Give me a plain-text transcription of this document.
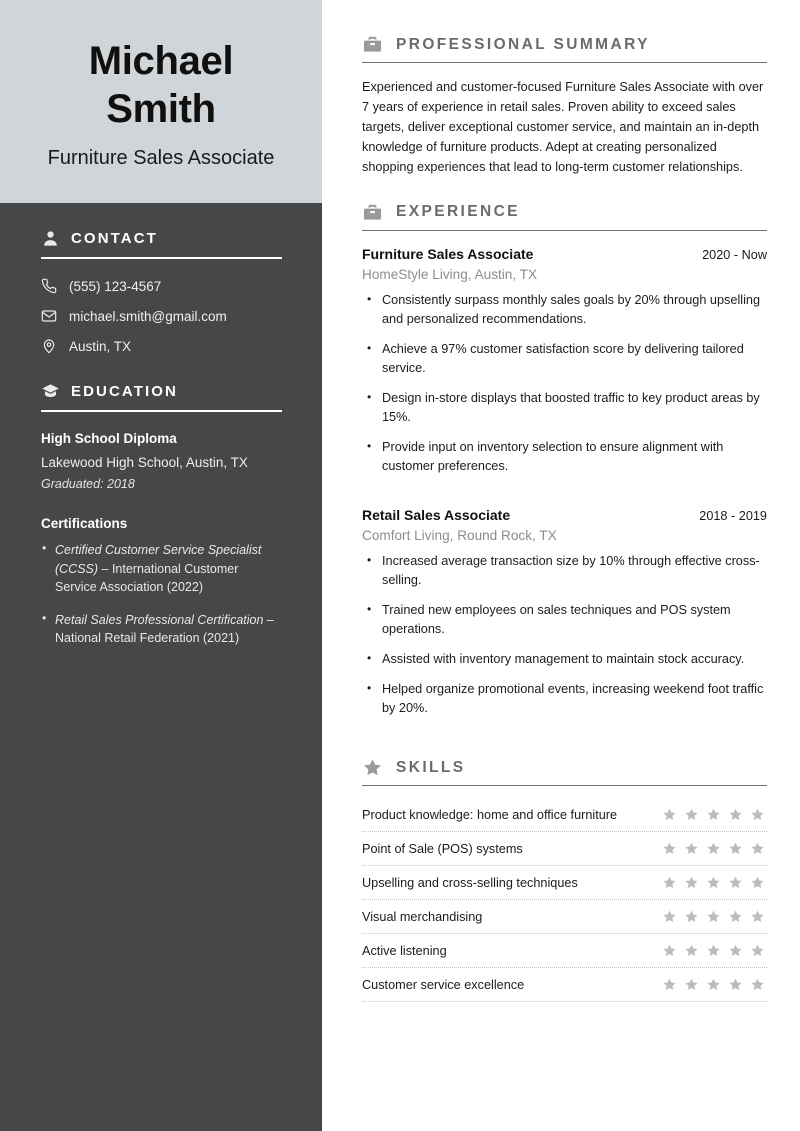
Michael
Smith
Furniture Sales Associate
CONTACT
(555) 123-4567
michael.smith@gmail.com
Austin, TX
EDUCATION
High School Diploma
Lakewood High School, Austin, TX
Graduated: 2018
Certifications
• Certified Customer Service Specialist (CCSS) – International Customer Service Association (2022)
• Retail Sales Professional Certification – National Retail Federation (2021)
PROFESSIONAL SUMMARY

Experienced and customer-focused Furniture Sales Associate with over 7 years of experience in retail sales. Proven ability to exceed sales targets, deliver exceptional customer service, and maintain an in-depth knowledge of furniture products. Adept at creating personalized shopping experiences that lead to long-term customer relationships.

EXPERIENCE
Furniture Sales Associate	2020 - Now
HomeStyle Living, Austin, TX
• Consistently surpass monthly sales goals by 20% through upselling and personalized recommendations.
• Achieve a 97% customer satisfaction score by delivering tailored service.
• Design in-store displays that boosted traffic to key product areas by 15%.
• Provide input on inventory selection to ensure alignment with customer preferences.
Retail Sales Associate	2018 - 2019
Comfort Living, Round Rock, TX
• Increased average transaction size by 10% through effective cross-selling.
• Trained new employees on sales techniques and POS system operations.
• Assisted with inventory management to maintain stock accuracy.
• Helped organize promotional events, increasing weekend foot traffic by 20%.
SKILLS
Product knowledge: home and office furniture
Point of Sale (POS) systems
Upselling and cross-selling techniques
Visual merchandising
Active listening
Customer service excellence
